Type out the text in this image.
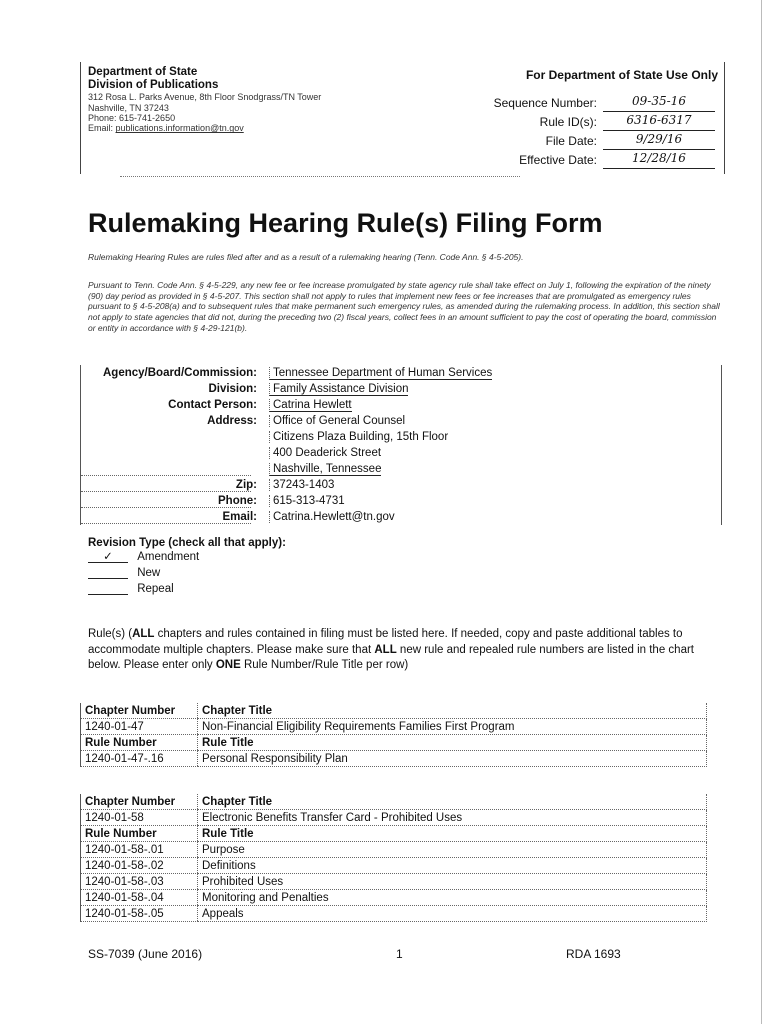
Department of State
Division of Publications
312 Rosa L. Parks Avenue, 8th Floor Snodgrass/TN Tower
Nashville, TN 37243
Phone: 615-741-2650
Email: publications.information@tn.gov
For Department of State Use Only
Sequence Number:	09-35-16
Rule ID(s):	6316-6317
File Date:	9/29/16
Effective Date:	12/28/16
Rulemaking Hearing Rule(s) Filing Form
Rulemaking Hearing Rules are rules filed after and as a result of a rulemaking hearing (Tenn. Code Ann. § 4-5-205).
Pursuant to Tenn. Code Ann. § 4-5-229, any new fee or fee increase promulgated by state agency rule shall take effect on July 1, following the expiration of the ninety (90) day period as provided in § 4-5-207. This section shall not apply to rules that implement new fees or fee increases that are promulgated as emergency rules pursuant to § 4-5-208(a) and to subsequent rules that make permanent such emergency rules, as amended during the rulemaking process. In addition, this section shall not apply to state agencies that did not, during the preceding two (2) fiscal years, collect fees in an amount sufficient to pay the cost of operating the board, commission or entity in accordance with § 4-29-121(b).
Agency/Board/Commission:	Tennessee Department of Human Services
Division:	Family Assistance Division
Contact Person:	Catrina Hewlett
Address:	Office of General Counsel
Citizens Plaza Building, 15th Floor
400 Deaderick Street
Nashville, Tennessee
Zip:	37243-1403
Phone:	615-313-4731
Email:	Catrina.Hewlett@tn.gov
Revision Type (check all that apply):
✓ Amendment
New
Repeal
Rule(s) (ALL chapters and rules contained in filing must be listed here. If needed, copy and paste additional tables to accommodate multiple chapters. Please make sure that ALL new rule and repealed rule numbers are listed in the chart below. Please enter only ONE Rule Number/Rule Title per row)
Chapter Number	Chapter Title
1240-01-47	Non-Financial Eligibility Requirements Families First Program
Rule Number	Rule Title
1240-01-47-.16	Personal Responsibility Plan
Chapter Number	Chapter Title
1240-01-58	Electronic Benefits Transfer Card - Prohibited Uses
Rule Number	Rule Title
1240-01-58-.01	Purpose
1240-01-58-.02	Definitions
1240-01-58-.03	Prohibited Uses
1240-01-58-.04	Monitoring and Penalties
1240-01-58-.05	Appeals
SS-7039 (June 2016)	1	RDA 1693
